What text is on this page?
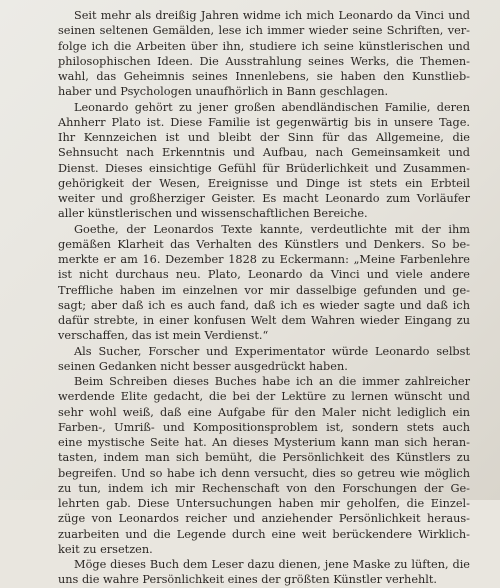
Seit mehr als dreißig Jahren widme ich mich Leonardo da Vinci und
seinen seltenen Gemälden, lese ich immer wieder seine Schriften, ver-
folge ich die Arbeiten über ihn, studiere ich seine künstlerischen und
philosophischen Ideen. Die Ausstrahlung seines Werks, die Themen-
wahl, das Geheimnis seines Innenlebens, sie haben den Kunstlieb-
haber und Psychologen unaufhörlich in Bann geschlagen.

Leonardo gehört zu jener großen abendländischen Familie, deren
Ahnherr Plato ist. Diese Familie ist gegenwärtig bis in unsere Tage.
Ihr Kennzeichen ist und bleibt der Sinn für das Allgemeine, die
Sehnsucht nach Erkenntnis und Aufbau, nach Gemeinsamkeit und
Dienst. Dieses einsichtige Gefühl für Brüderlichkeit und Zusammen-
gehörigkeit der Wesen, Ereignisse und Dinge ist stets ein Erbteil
weiter und großherziger Geister. Es macht Leonardo zum Vorläufer
aller künstlerischen und wissenschaftlichen Bereiche.

Goethe, der Leonardos Texte kannte, verdeutlichte mit der ihm
gemäßen Klarheit das Verhalten des Künstlers und Denkers. So be-
merkte er am 16. Dezember 1828 zu Eckermann: „Meine Farbenlehre
ist nicht durchaus neu. Plato, Leonardo da Vinci und viele andere
Treffliche haben im einzelnen vor mir dasselbige gefunden und ge-
sagt; aber daß ich es auch fand, daß ich es wieder sagte und daß ich
dafür strebte, in einer konfusen Welt dem Wahren wieder Eingang zu
verschaffen, das ist mein Verdienst.“

Als Sucher, Forscher und Experimentator würde Leonardo selbst
seinen Gedanken nicht besser ausgedrückt haben.

Beim Schreiben dieses Buches habe ich an die immer zahlreicher
werdende Elite gedacht, die bei der Lektüre zu lernen wünscht und
sehr wohl weiß, daß eine Aufgabe für den Maler nicht lediglich ein
Farben-, Umriß- und Kompositionsproblem ist, sondern stets auch
eine mystische Seite hat. An dieses Mysterium kann man sich heran-
tasten, indem man sich bemüht, die Persönlichkeit des Künstlers zu
begreifen. Und so habe ich denn versucht, dies so getreu wie möglich
zu tun, indem ich mir Rechenschaft von den Forschungen der Ge-
lehrten gab. Diese Untersuchungen haben mir geholfen, die Einzel-
züge von Leonardos reicher und anziehender Persönlichkeit heraus-
zuarbeiten und die Legende durch eine weit berückendere Wirklich-
keit zu ersetzen.

Möge dieses Buch dem Leser dazu dienen, jene Maske zu lüften, die
uns die wahre Persönlichkeit eines der größten Künstler verhehlt.
